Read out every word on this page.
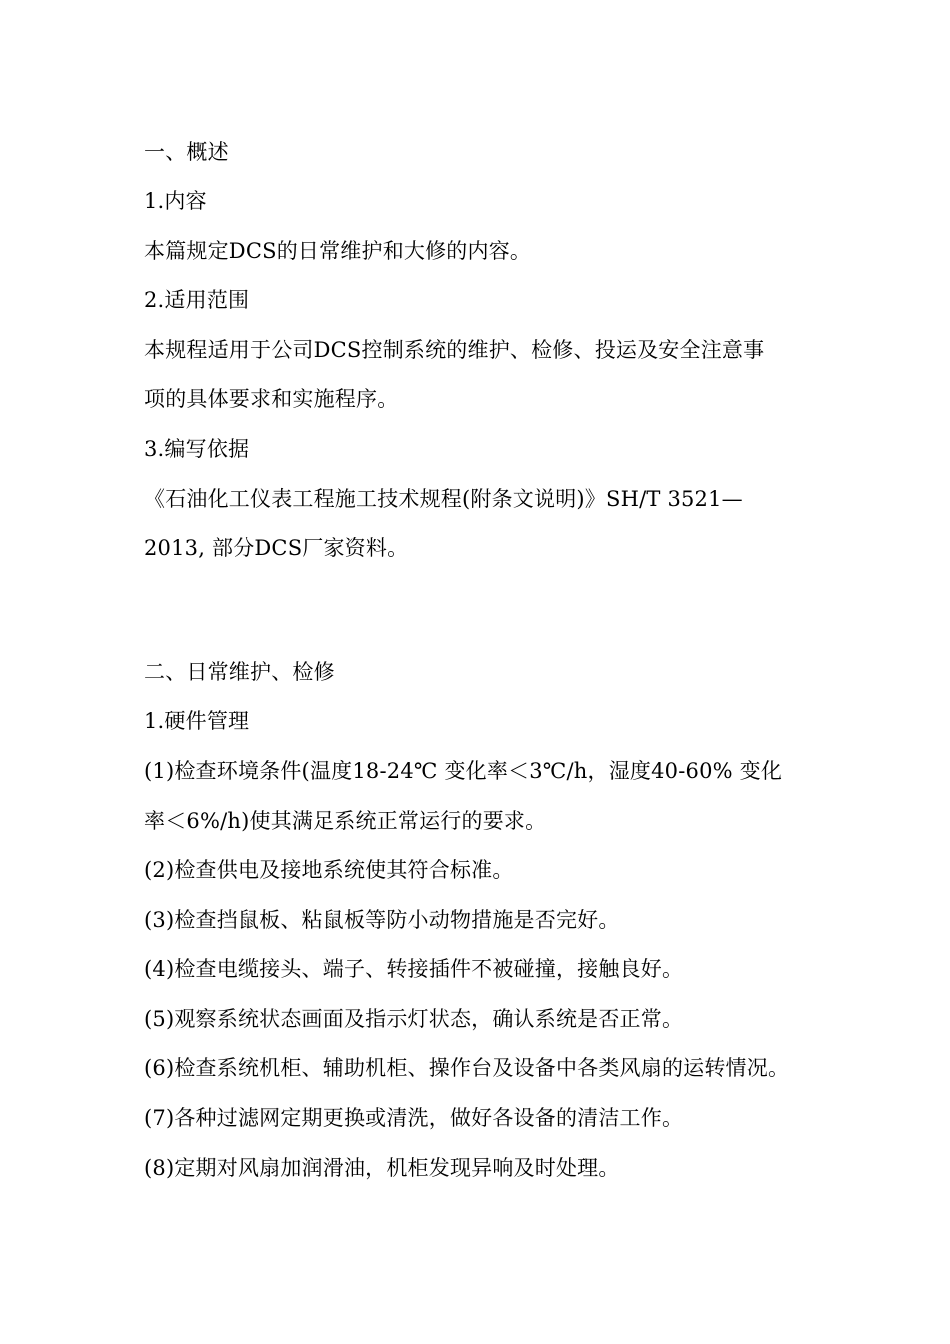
一、概述
1.内容
本篇规定DCS的日常维护和大修的内容。
2.适用范围
本规程适用于公司DCS控制系统的维护、检修、投运及安全注意事
项的具体要求和实施程序。
3.编写依据
《石油化工仪表工程施工技术规程(附条文说明)》SH/T 3521—
2013, 部分DCS厂家资料。
二、日常维护、检修
1.硬件管理
(1)检查环境条件(温度18-24℃ 变化率＜3℃/h，湿度40-60% 变化
率＜6%/h)使其满足系统正常运行的要求。
(2)检查供电及接地系统使其符合标准。
(3)检查挡鼠板、粘鼠板等防小动物措施是否完好。
(4)检查电缆接头、端子、转接插件不被碰撞，接触良好。
(5)观察系统状态画面及指示灯状态，确认系统是否正常。
(6)检查系统机柜、辅助机柜、操作台及设备中各类风扇的运转情况。
(7)各种过滤网定期更换或清洗，做好各设备的清洁工作。
(8)定期对风扇加润滑油，机柜发现异响及时处理。
